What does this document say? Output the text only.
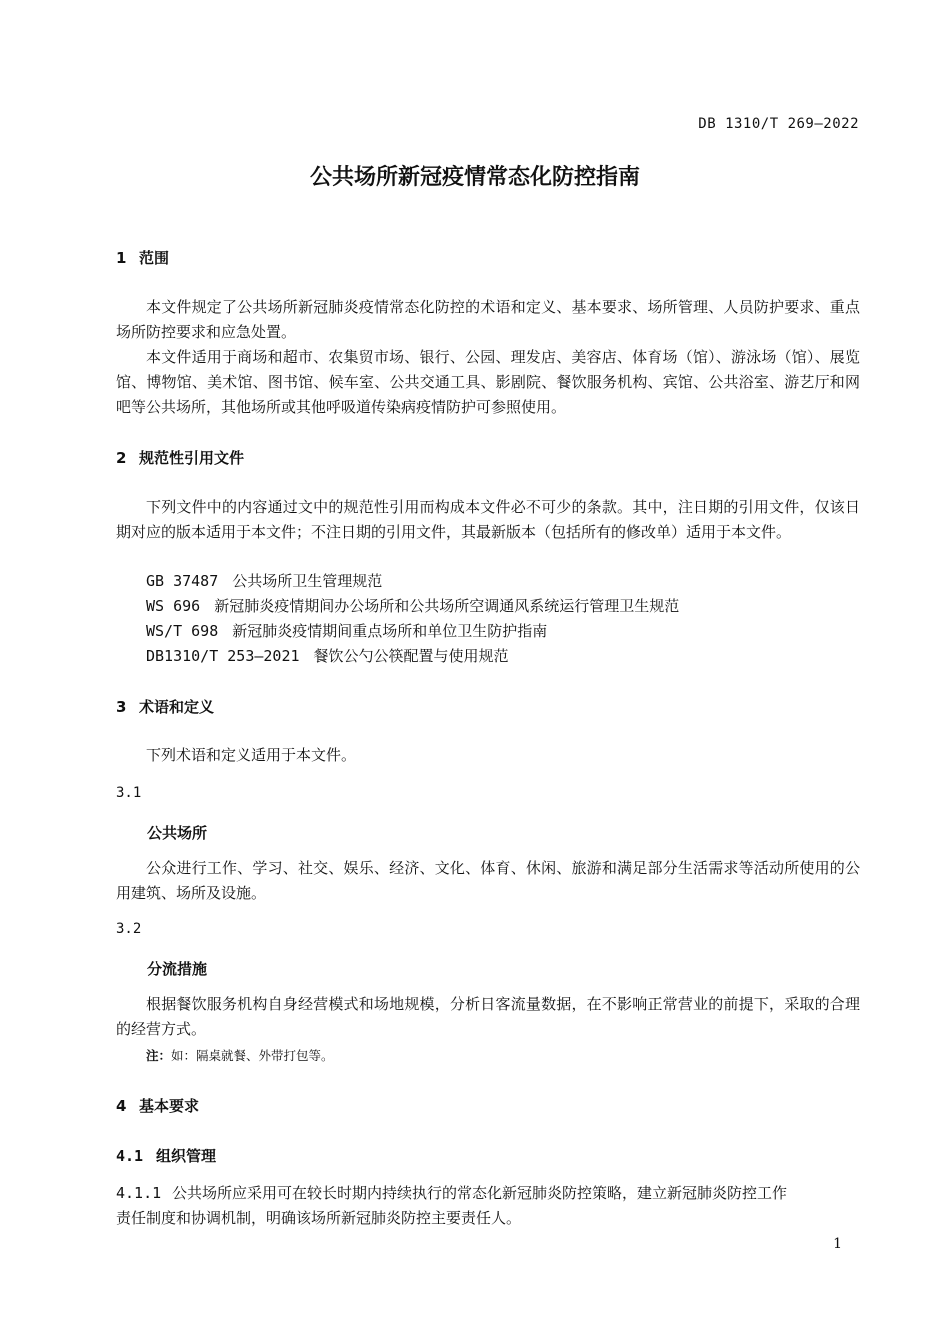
DB 1310/T 269—2022
公共场所新冠疫情常态化防控指南
1 范围
本文件规定了公共场所新冠肺炎疫情常态化防控的术语和定义、基本要求、场所管理、人员防护要求、重点场所防控要求和应急处置。
本文件适用于商场和超市、农集贸市场、银行、公园、理发店、美容店、体育场（馆）、游泳场（馆）、展览馆、博物馆、美术馆、图书馆、候车室、公共交通工具、影剧院、餐饮服务机构、宾馆、公共浴室、游艺厅和网吧等公共场所，其他场所或其他呼吸道传染病疫情防护可参照使用。
2 规范性引用文件
下列文件中的内容通过文中的规范性引用而构成本文件必不可少的条款。其中，注日期的引用文件，仅该日期对应的版本适用于本文件；不注日期的引用文件，其最新版本（包括所有的修改单）适用于本文件。
GB 37487 公共场所卫生管理规范
WS 696 新冠肺炎疫情期间办公场所和公共场所空调通风系统运行管理卫生规范
WS/T 698 新冠肺炎疫情期间重点场所和单位卫生防护指南
DB1310/T 253—2021 餐饮公勺公筷配置与使用规范
3 术语和定义
下列术语和定义适用于本文件。
3.1
公共场所
公众进行工作、学习、社交、娱乐、经济、文化、体育、休闲、旅游和满足部分生活需求等活动所使用的公用建筑、场所及设施。
3.2
分流措施
根据餐饮服务机构自身经营模式和场地规模，分析日客流量数据，在不影响正常营业的前提下，采取的合理的经营方式。
注：如：隔桌就餐、外带打包等。
4 基本要求
4.1 组织管理
4.1.1 公共场所应采用可在较长时期内持续执行的常态化新冠肺炎防控策略，建立新冠肺炎防控工作
责任制度和协调机制，明确该场所新冠肺炎防控主要责任人。
1
